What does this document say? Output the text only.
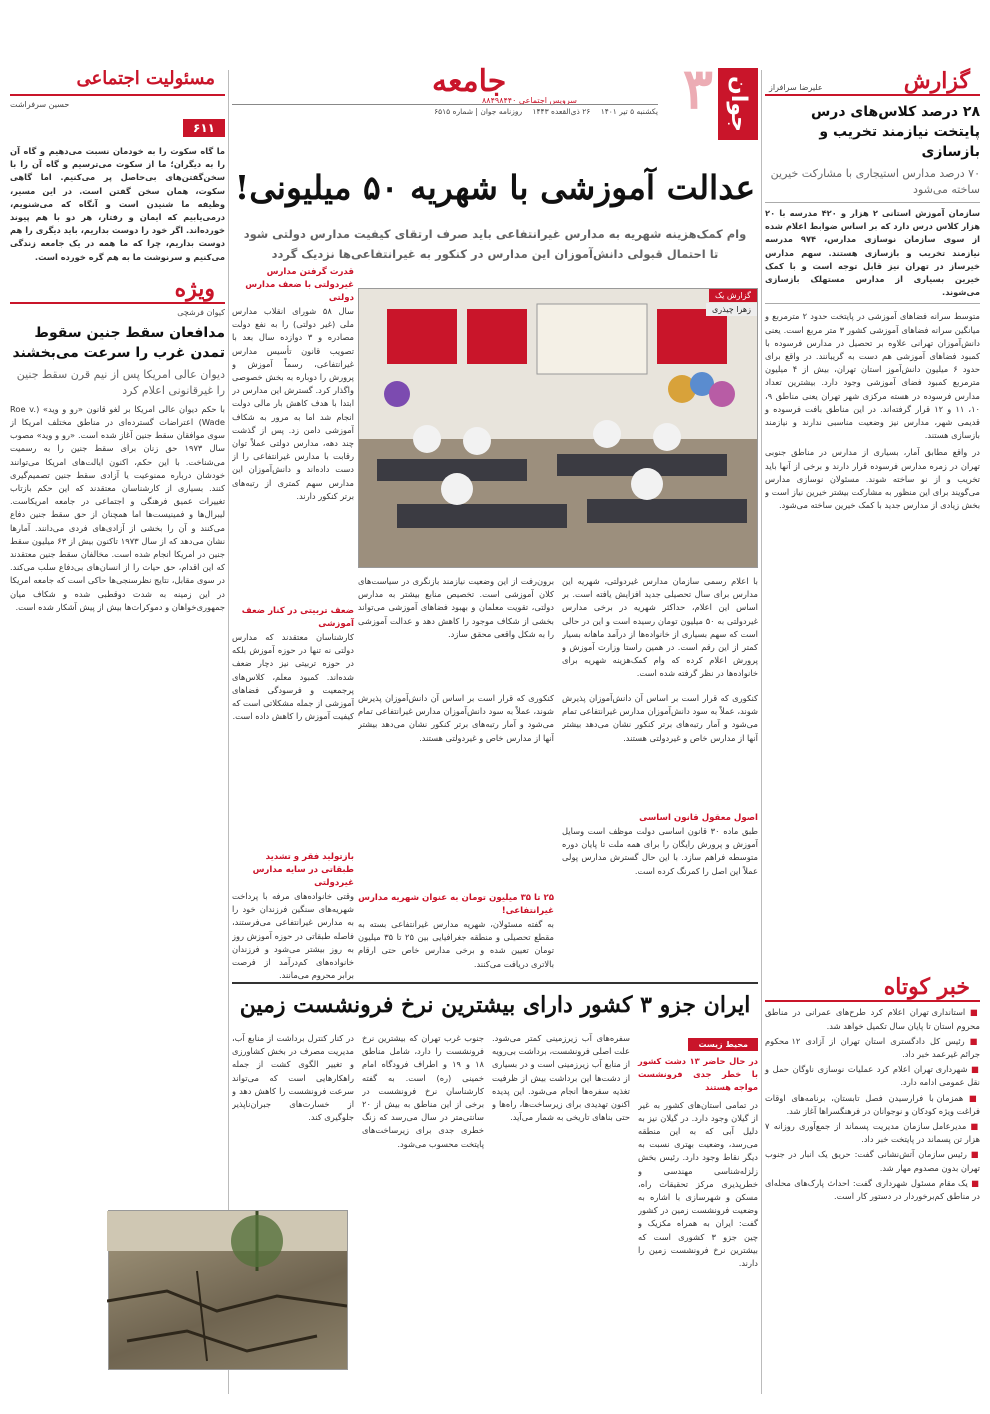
گزارش
علیرضا سرافراز
۲۸ درصد کلاس‌های درس پایتخت نیازمند تخریب و بازسازی
۷۰ درصد مدارس استیجاری با مشارکت خیرین ساخته می‌شود
سازمان آموزش استانی ۲ هزار و ۴۲۰ مدرسه با ۲۰ هزار کلاس درس دارد که بر اساس ضوابط اعلام شده از سوی سازمان نوسازی مدارس، ۹۷۴ مدرسه نیازمند تخریب و بازسازی هستند. سهم مدارس خیرساز در تهران نیز قابل توجه است و با کمک خیرین بسیاری از مدارس مستهلک بازسازی می‌شوند.
متوسط سرانه فضاهای آموزشی در پایتخت حدود ۲ مترمربع و میانگین سرانه فضاهای آموزشی کشور ۳ متر مربع است. یعنی دانش‌آموزان تهرانی علاوه بر تحصیل در مدارس فرسوده با کمبود فضاهای آموزشی هم دست به گریبانند. در واقع برای حدود ۶ میلیون دانش‌آموز استان تهران، بیش از ۴ میلیون مترمربع کمبود فضای آموزشی وجود دارد. بیشترین تعداد مدارس فرسوده در هسته مرکزی شهر تهران یعنی مناطق ۹، ۱۰، ۱۱ و ۱۲ قرار گرفته‌اند. در این مناطق بافت فرسوده و قدیمی شهر، مدارس نیز وضعیت مناسبی ندارند و نیازمند بازسازی هستند.
در واقع مطابق آمار، بسیاری از مدارس در مناطق جنوبی تهران در زمره مدارس فرسوده قرار دارند و برخی از آنها باید تخریب و از نو ساخته شوند. مسئولان نوسازی مدارس می‌گویند برای این منظور به مشارکت بیشتر خیرین نیاز است و بخش زیادی از مدارس جدید با کمک خیرین ساخته می‌شود.
خبر کوتاه

■ استانداری تهران اعلام کرد طرح‌های عمرانی در مناطق محروم استان تا پایان سال تکمیل خواهد شد.

■ رئیس کل دادگستری استان تهران از آزادی ۱۲ محکوم جرائم غیرعمد خبر داد.

■ شهرداری تهران اعلام کرد عملیات نوسازی ناوگان حمل و نقل عمومی ادامه دارد.

■ همزمان با فرارسیدن فصل تابستان، برنامه‌های اوقات فراغت ویژه کودکان و نوجوانان در فرهنگسراها آغاز شد.

■ مدیرعامل سازمان مدیریت پسماند از جمع‌آوری روزانه ۷ هزار تن پسماند در پایتخت خبر داد.

■ رئیس سازمان آتش‌نشانی گفت: حریق یک انبار در جنوب تهران بدون مصدوم مهار شد.

■ یک مقام مسئول شهرداری گفت: احداث پارک‌های محله‌ای در مناطق کم‌برخوردار در دستور کار است.

مسئولیت اجتماعی
حسین سرفراشت
۶۱۱
ما گاه سکوت را به خودمان نسبت می‌دهیم و گاه آن را به دیگران؛ ما از سکوت می‌ترسیم و گاه آن را با سخن‌گفتن‌های بی‌حاصل پر می‌کنیم. اما گاهی سکوت، همان سخن گفتن است. در این مسیر، وظیفه ما شنیدن است و آنگاه که می‌شنویم، درمی‌یابیم که ایمان و رفتار، هر دو با هم پیوند خورده‌اند. اگر خود را دوست بداریم، باید دیگری را هم دوست بداریم، چرا که ما همه در یک جامعه زندگی می‌کنیم و سرنوشت ما به هم گره خورده است.
ویژه
کیوان فرشچی
مدافعان سقط جنین سقوط تمدن غرب را سرعت می‌بخشند
دیوان عالی امریکا پس از نیم قرن سقط جنین را غیرقانونی اعلام کرد
با حکم دیوان عالی امریکا بر لغو قانون «رو و وید» (Roe v. Wade) اعتراضات گسترده‌ای در مناطق مختلف امریکا از سوی موافقان سقط جنین آغاز شده است. «رو و وید» مصوب سال ۱۹۷۳ حق زنان برای سقط جنین را به رسمیت می‌شناخت. با این حکم، اکنون ایالت‌های امریکا می‌توانند خودشان درباره ممنوعیت یا آزادی سقط جنین تصمیم‌گیری کنند. بسیاری از کارشناسان معتقدند که این حکم بازتاب تغییرات عمیق فرهنگی و اجتماعی در جامعه امریکاست. لیبرال‌ها و فمینیست‌ها اما همچنان از حق سقط جنین دفاع می‌کنند و آن را بخشی از آزادی‌های فردی می‌دانند. آمارها نشان می‌دهد که از سال ۱۹۷۳ تاکنون بیش از ۶۳ میلیون سقط جنین در امریکا انجام شده است. مخالفان سقط جنین معتقدند که این اقدام، حق حیات را از انسان‌های بی‌دفاع سلب می‌کند. در سوی مقابل، نتایج نظرسنجی‌ها حاکی است که جامعه امریکا در این زمینه به شدت دوقطبی شده و شکاف میان جمهوری‌خواهان و دموکرات‌ها بیش از پیش آشکار شده است.
جوان
۳
جامعه
سرویس اجتماعی ۸۸۴۹۸۴۴۰
یکشنبه ۵ تیر ۱۴۰۱ ۲۶ ذی‌القعده ۱۴۴۳ روزنامه جوان | شماره ۶۵۱۵
عدالت آموزشی با شهریه ۵۰ میلیونی!
وام کمک‌هزینه شهریه به مدارس غیرانتفاعی باید صرف ارتقای کیفیت مدارس دولتی شود
تا احتمال قبولی دانش‌آموزان این مدارس در کنکور به غیرانتفاعی‌ها نزدیک گردد
گزارش یک
زهرا چیذری
قدرت گرفتن مدارس غیردولتی با ضعف مدارس دولتی
سال ۵۸ شورای انقلاب مدارس ملی (غیر دولتی) را به نفع دولت مصادره و ۳ دوازده سال بعد با تصویب قانون تأسیس مدارس غیرانتفاعی، رسماً آموزش و پرورش را دوباره به بخش خصوصی واگذار کرد. گسترش این مدارس در ابتدا با هدف کاهش بار مالی دولت انجام شد اما به مرور به شکاف آموزشی دامن زد. پس از گذشت چند دهه، مدارس دولتی عملاً توان رقابت با مدارس غیرانتفاعی را از دست داده‌اند و دانش‌آموزان این مدارس سهم کمتری از رتبه‌های برتر کنکور دارند.
ضعف تربیتی در کنار ضعف آموزشی
کارشناسان معتقدند که مدارس دولتی نه تنها در حوزه آموزش بلکه در حوزه تربیتی نیز دچار ضعف شده‌اند. کمبود معلم، کلاس‌های پرجمعیت و فرسودگی فضاهای آموزشی از جمله مشکلاتی است که کیفیت آموزش را کاهش داده است.
بازتولید فقر و تشدید طبقاتی در سایه مدارس غیردولتی
وقتی خانواده‌های مرفه با پرداخت شهریه‌های سنگین فرزندان خود را به مدارس غیرانتفاعی می‌فرستند، فاصله طبقاتی در حوزه آموزش روز به روز بیشتر می‌شود و فرزندان خانواده‌های کم‌درآمد از فرصت برابر محروم می‌مانند.
با اعلام رسمی سازمان مدارس غیردولتی، شهریه این مدارس برای سال تحصیلی جدید افزایش یافته است. بر اساس این اعلام، حداکثر شهریه در برخی مدارس غیردولتی به ۵۰ میلیون تومان رسیده است و این در حالی است که سهم بسیاری از خانواده‌ها از درآمد ماهانه بسیار کمتر از این رقم است. در همین راستا وزارت آموزش و پرورش اعلام کرده که وام کمک‌هزینه شهریه برای خانواده‌ها در نظر گرفته شده است.
برون‌رفت از این وضعیت نیازمند بازنگری در سیاست‌های کلان آموزشی است. تخصیص منابع بیشتر به مدارس دولتی، تقویت معلمان و بهبود فضاهای آموزشی می‌تواند بخشی از شکاف موجود را کاهش دهد و عدالت آموزشی را به شکل واقعی محقق سازد.
کنکوری که قرار است بر اساس آن دانش‌آموزان پذیرش شوند، عملاً به سود دانش‌آموزان مدارس غیرانتفاعی تمام می‌شود و آمار رتبه‌های برتر کنکور نشان می‌دهد بیشتر آنها از مدارس خاص و غیردولتی هستند.
اصول معقول قانون اساسی
طبق ماده ۳۰ قانون اساسی دولت موظف است وسایل آموزش و پرورش رایگان را برای همه ملت تا پایان دوره متوسطه فراهم سازد. با این حال گسترش مدارس پولی عملاً این اصل را کمرنگ کرده است.
کنکوری که قرار است بر اساس آن دانش‌آموزان پذیرش شوند، عملاً به سود دانش‌آموزان مدارس غیرانتفاعی تمام می‌شود و آمار رتبه‌های برتر کنکور نشان می‌دهد بیشتر آنها از مدارس خاص و غیردولتی هستند.
۲۵ تا ۳۵ میلیون تومان به عنوان شهریه مدارس غیرانتفاعی!
به گفته مسئولان، شهریه مدارس غیرانتفاعی بسته به مقطع تحصیلی و منطقه جغرافیایی بین ۲۵ تا ۳۵ میلیون تومان تعیین شده و برخی مدارس خاص حتی ارقام بالاتری دریافت می‌کنند.
ایران جزو ۳ کشور دارای بیشترین نرخ فرونشست زمین
محیط زیست
در حال حاضر ۱۳ دشت کشور با خطر جدی فرونشست مواجه هستند
در تمامی استان‌های کشور به غیر از گیلان وجود دارد. در گیلان نیز به دلیل آبی که به این منطقه می‌رسد، وضعیت بهتری نسبت به دیگر نقاط وجود دارد. رئیس بخش زلزله‌شناسی مهندسی و خطرپذیری مرکز تحقیقات راه، مسکن و شهرسازی با اشاره به وضعیت فرونشست زمین در کشور گفت: ایران به همراه مکزیک و چین جزو ۳ کشوری است که بیشترین نرخ فرونشست زمین را دارند.
سفره‌های آب زیرزمینی کمتر می‌شود. علت اصلی فرونشست، برداشت بی‌رویه از منابع آب زیرزمینی است و در بسیاری از دشت‌ها این برداشت بیش از ظرفیت تغذیه سفره‌ها انجام می‌شود. این پدیده اکنون تهدیدی برای زیرساخت‌ها، راه‌ها و حتی بناهای تاریخی به شمار می‌آید.
جنوب غرب تهران که بیشترین نرخ فرونشست را دارد، شامل مناطق ۱۸ و ۱۹ و اطراف فرودگاه امام خمینی (ره) است. به گفته کارشناسان نرخ فرونشست در برخی از این مناطق به بیش از ۲۰ سانتی‌متر در سال می‌رسد که زنگ خطری جدی برای زیرساخت‌های پایتخت محسوب می‌شود.
در کنار کنترل برداشت از منابع آب، مدیریت مصرف در بخش کشاورزی و تغییر الگوی کشت از جمله راهکارهایی است که می‌تواند سرعت فرونشست را کاهش دهد و از خسارت‌های جبران‌ناپذیر جلوگیری کند.
